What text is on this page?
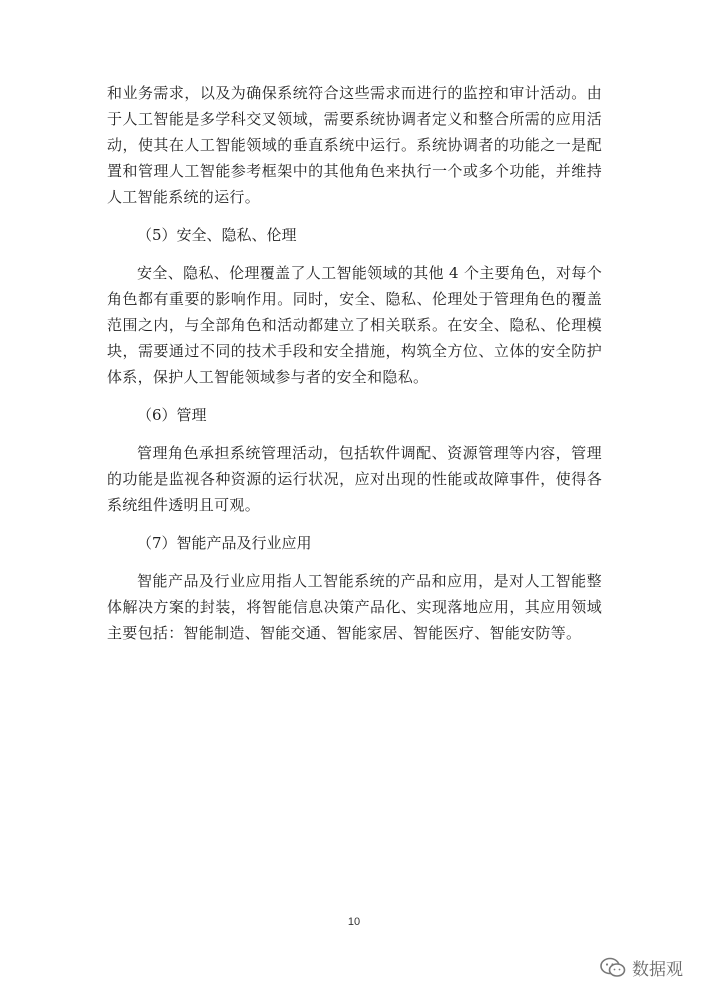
和业务需求，以及为确保系统符合这些需求而进行的监控和审计活动。由于人工智能是多学科交叉领域，需要系统协调者定义和整合所需的应用活动，使其在人工智能领域的垂直系统中运行。系统协调者的功能之一是配置和管理人工智能参考框架中的其他角色来执行一个或多个功能，并维持人工智能系统的运行。

（5）安全、隐私、伦理

安全、隐私、伦理覆盖了人工智能领域的其他 4 个主要角色，对每个角色都有重要的影响作用。同时，安全、隐私、伦理处于管理角色的覆盖范围之内，与全部角色和活动都建立了相关联系。在安全、隐私、伦理模块，需要通过不同的技术手段和安全措施，构筑全方位、立体的安全防护体系，保护人工智能领域参与者的安全和隐私。

（6）管理

管理角色承担系统管理活动，包括软件调配、资源管理等内容，管理的功能是监视各种资源的运行状况，应对出现的性能或故障事件，使得各系统组件透明且可观。

（7）智能产品及行业应用

智能产品及行业应用指人工智能系统的产品和应用，是对人工智能整体解决方案的封装，将智能信息决策产品化、实现落地应用，其应用领域主要包括：智能制造、智能交通、智能家居、智能医疗、智能安防等。

10
数据观
